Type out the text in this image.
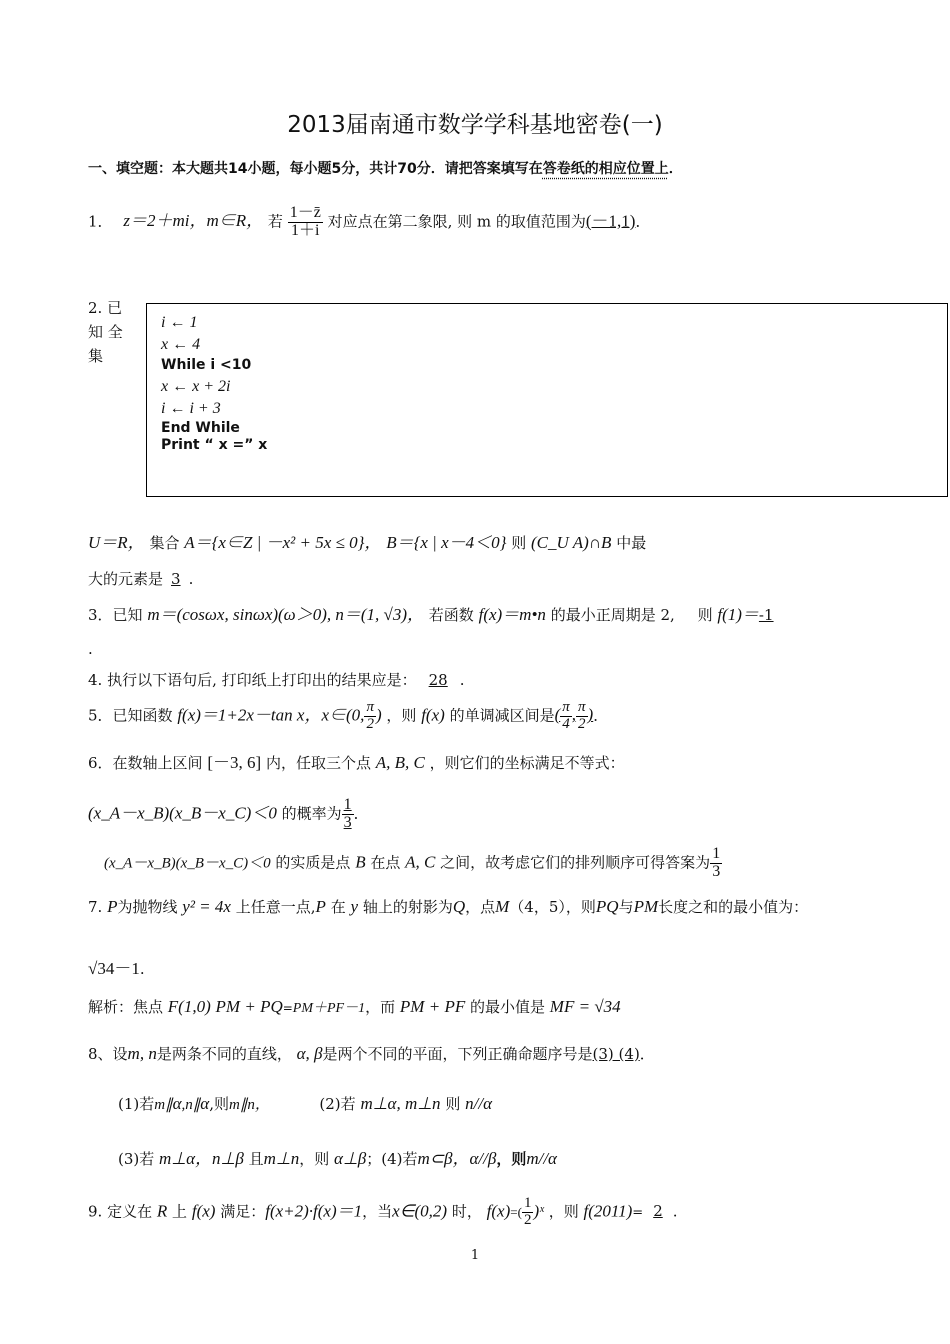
2013届南通市数学学科基地密卷(一)
一、填空题：本大题共14小题，每小题5分，共计70分．请把答案填写在答卷纸的相应位置上．
1． z＝2＋mi，m∈R， 若 $\frac{1-z̄}{1+i}$ 对应点在第二象限, 则 m 的取值范围为(－1,1)．
2. 已
知 全
集
i ← 1
x ← 4
While i <10
x ← x + 2i
i ← i + 3
End While
Print “ x =” x
U＝R， 集合 A＝{x∈Z | －x² + 5x ≤ 0}， B＝{x | x－4＜0} 则 (C_U A)∩B 中最
大的元素是 3 .
3．已知 m＝(cosωx, sinωx)(ω＞0), n＝(1, √3)， 若函数 f(x)＝m•n 的最小正周期是 2, 则 f(1)＝-1
.
4. 执行以下语句后, 打印纸上打印出的结果应是： 28 .
5．已知函数 f(x)＝1+2x－tan x，x∈(0, $\frac{\pi}{2}$ ) ，则 f(x) 的单调减区间是( $\frac{\pi}{4}$ , $\frac{\pi}{2}$ )．
6．在数轴上区间 [－3, 6] 内，任取三个点 A, B, C ，则它们的坐标满足不等式：
(x_A－x_B)(x_B－x_C)＜0 的概率为 $\frac{1}{3}$ ．
(x_A－x_B)(x_B－x_C)＜0 的实质是点 B 在点 A, C 之间，故考虑它们的排列顺序可得答案为 $\frac{1}{3}$
7. P为抛物线 y² = 4x 上任意一点,P 在 y 轴上的射影为Q，点M（4，5），则PQ与PM长度之和的最小值为：
√34－1.
解析：焦点 F(1,0) PM + PQ=PM＋PF－1，而 PM + PF 的最小值是 MF = √34
8、设m, n是两条不同的直线， α, β是两个不同的平面，下列正确命题序号是(3) (4)．
(1)若m∥α,n∥α,则m∥n，	(2)若 m⊥α, m⊥n 则 n//α
(3)若 m⊥α，n⊥β 且m⊥n，则 α⊥β；(4)若m⊂β，α//β，则m//α
9. 定义在 R 上 f(x) 满足：f(x+2)·f(x)＝1，当x∈(0,2) 时， $f(x)=( \frac{1}{2}$ )ˣ ，则 f(2011)= 2 .
1
